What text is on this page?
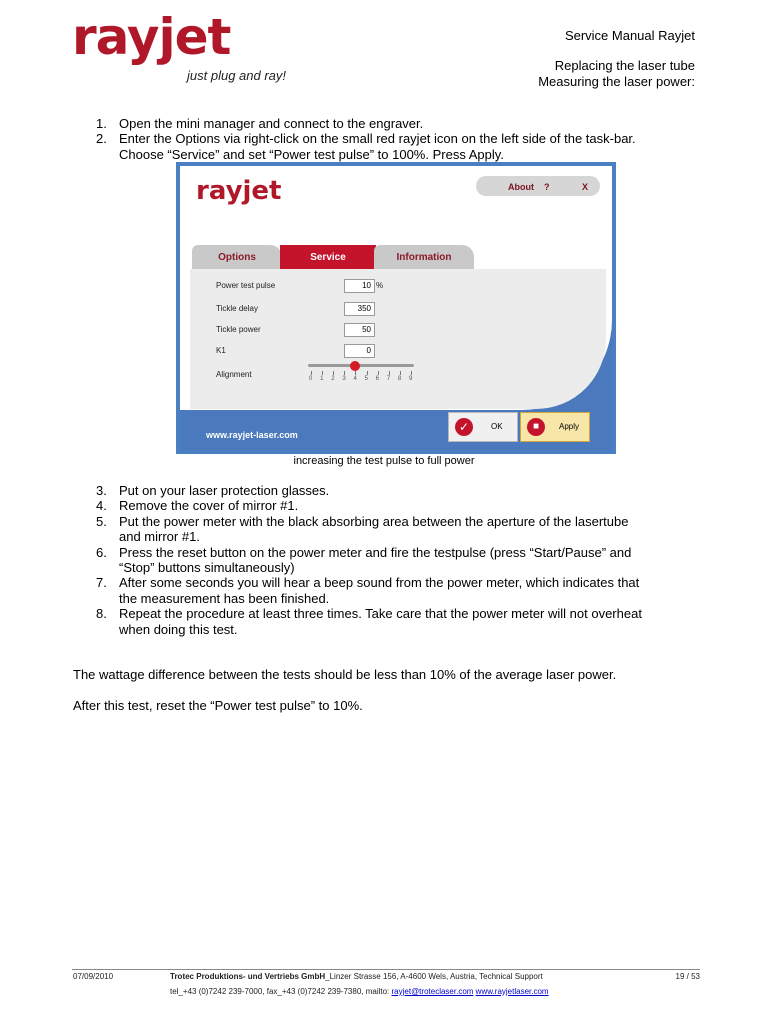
rayjet
just plug and ray!
Service Manual Rayjet
Replacing the laser tube
Measuring the laser power:
1. Open the mini manager and connect to the engraver.
2. Enter the Options via right-click on the small red rayjet icon on the left side of the task-bar.
Choose “Service” and set “Power test pulse” to 100%. Press Apply.
rayjet	About ?	X
Options	Service	Information
Power test pulse	10 %
Tickle delay	350
Tickle power	50
K1	0
Alignment	0 1 2 3 4 5 6 7 8 9
www.rayjet-laser.com
✓	OK	■	Apply
increasing the test pulse to full power
3. Put on your laser protection glasses.
4. Remove the cover of mirror #1.
5. Put the power meter with the black absorbing area between the aperture of the lasertube
and mirror #1.
6. Press the reset button on the power meter and fire the testpulse (press “Start/Pause” and
“Stop” buttons simultaneously)
7. After some seconds you will hear a beep sound from the power meter, which indicates that
the measurement has been finished.
8. Repeat the procedure at least three times. Take care that the power meter will not overheat
when doing this test.
The wattage difference between the tests should be less than 10% of the average laser power.
After this test, reset the “Power test pulse” to 10%.
07/09/2010	Trotec Produktions- und Vertriebs GmbH_Linzer Strasse 156, A-4600 Wels, Austria, Technical Support	19 / 53
tel_+43 (0)7242 239-7000, fax_+43 (0)7242 239-7380, mailto: rayjet@troteclaser.com www.rayjetlaser.com
